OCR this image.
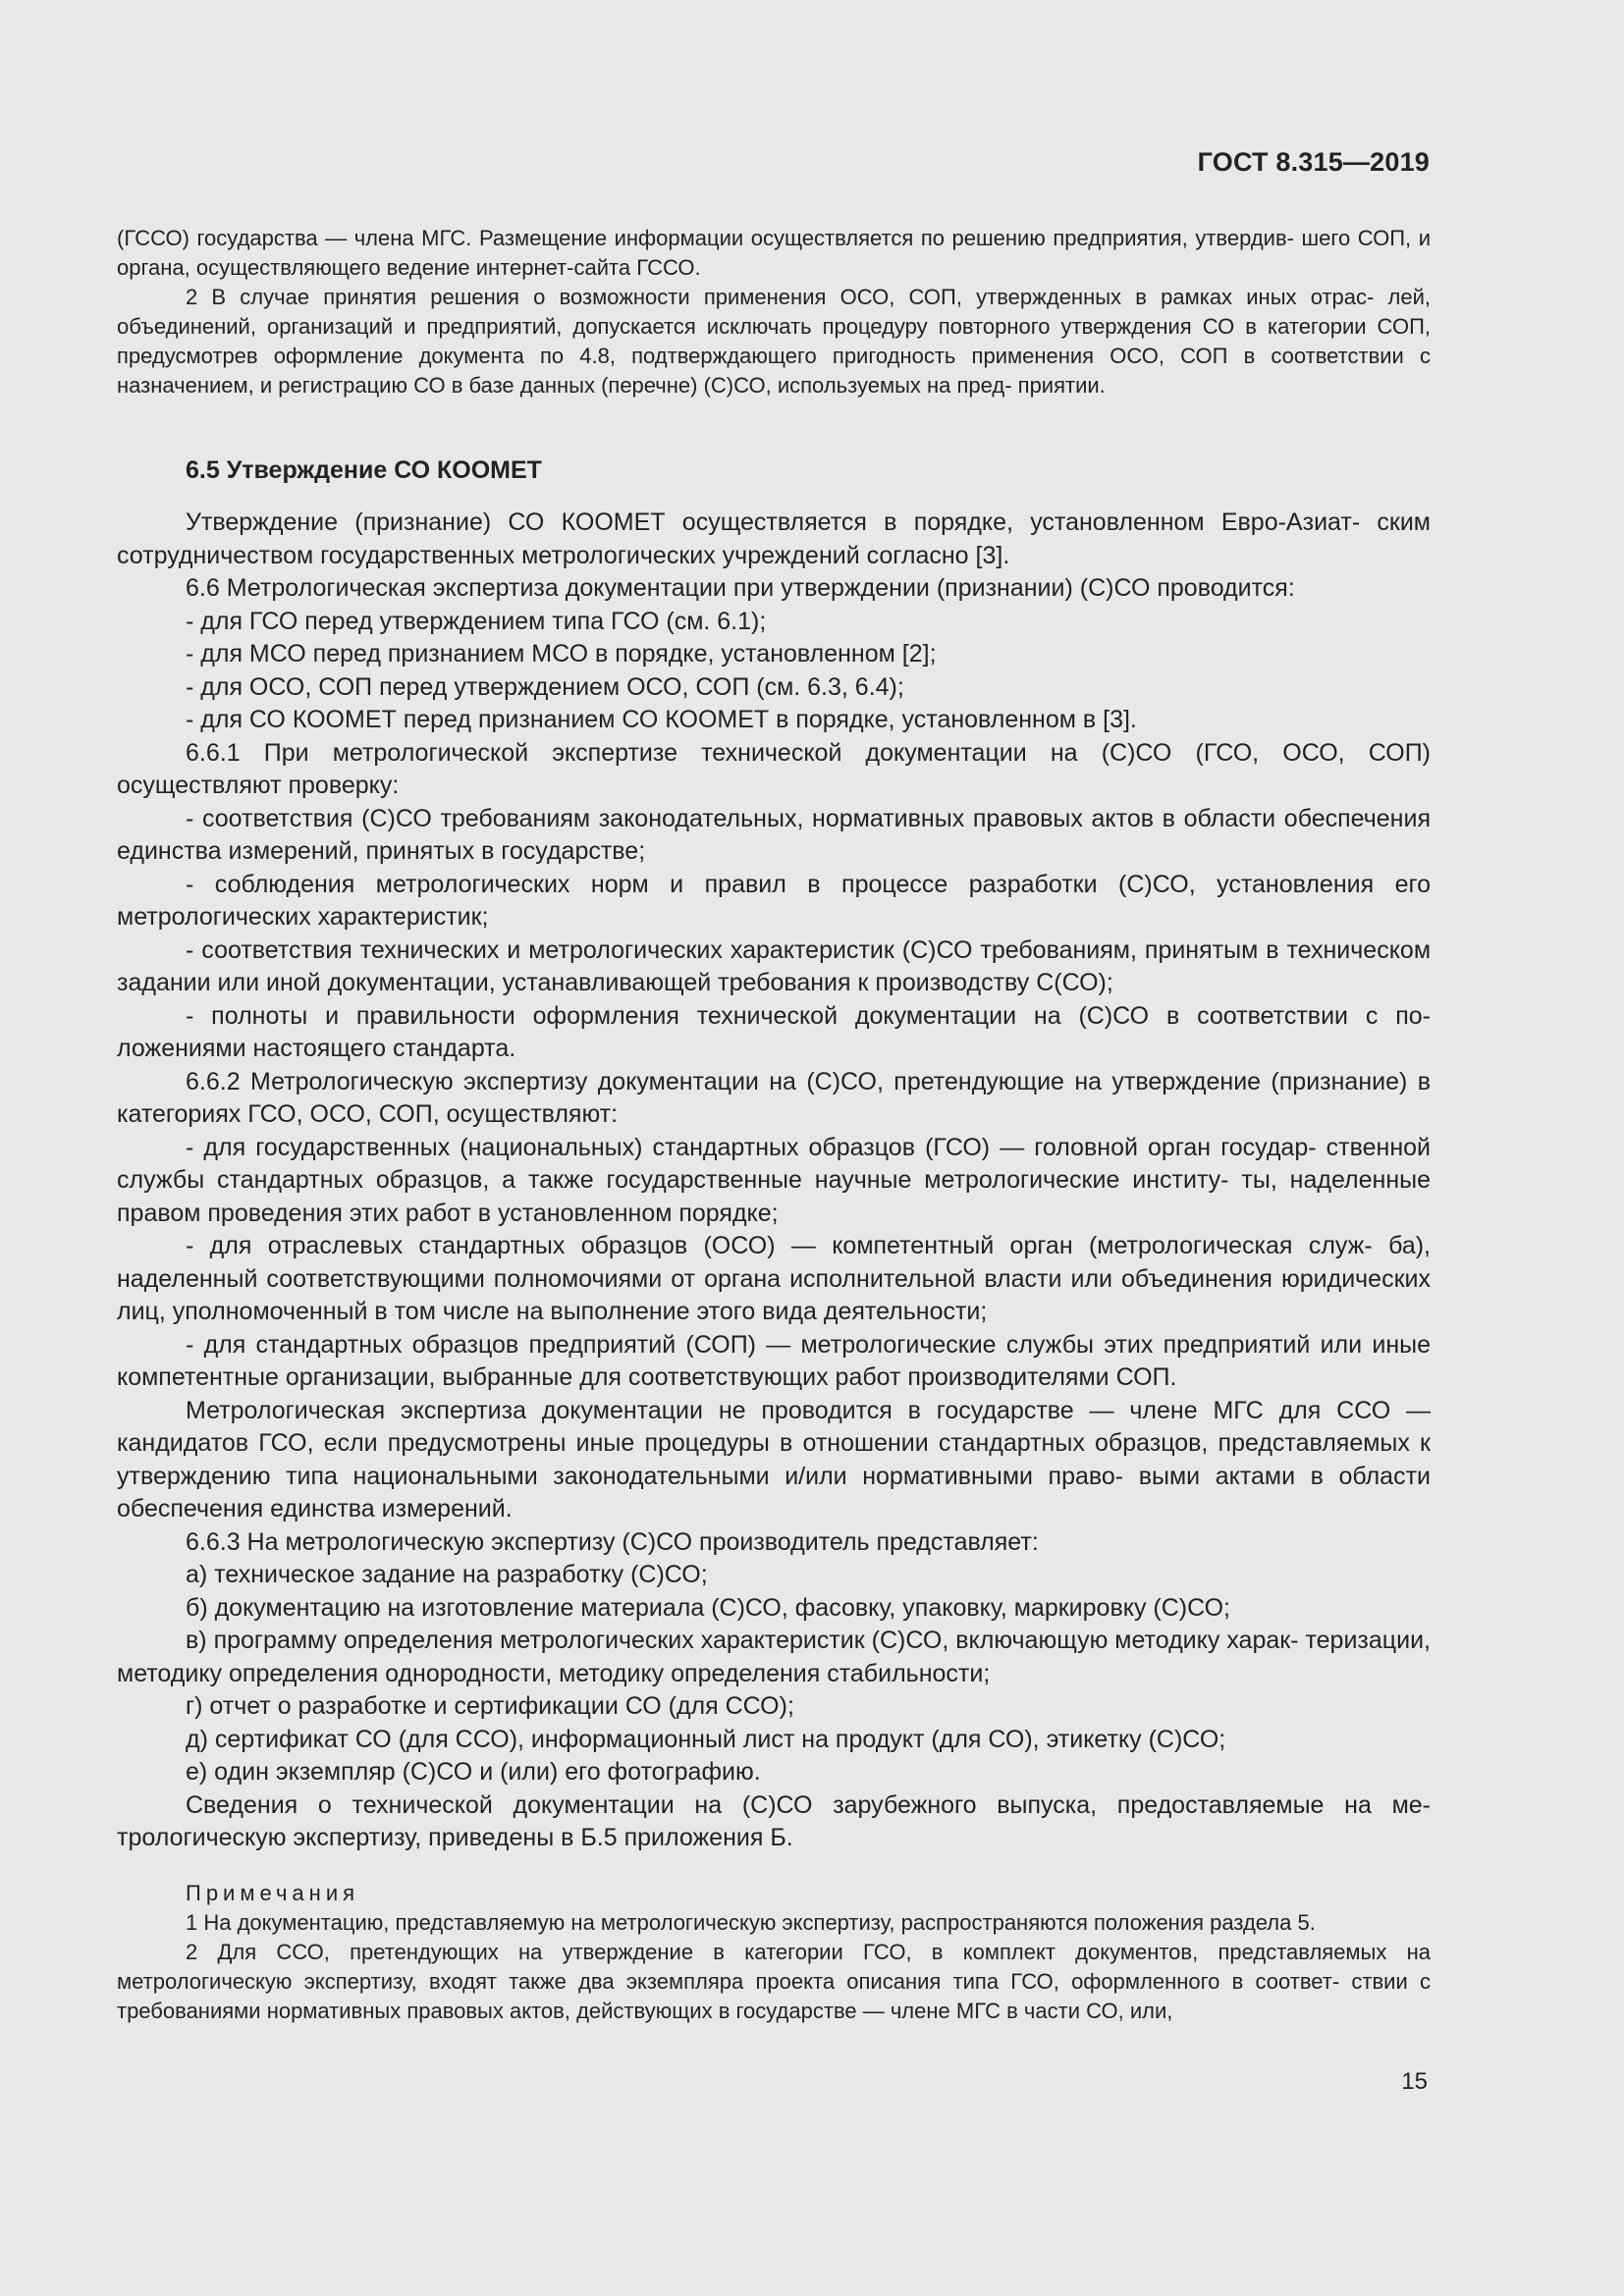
ГОСТ 8.315—2019

(ГССО) государства — члена МГС. Размещение информации осуществляется по решению предприятия, утвердив- шего СОП, и органа, осуществляющего ведение интернет-сайта ГССО.

2 В случае принятия решения о возможности применения ОСО, СОП, утвержденных в рамках иных отрас- лей, объединений, организаций и предприятий, допускается исключать процедуру повторного утверждения СО в категории СОП, предусмотрев оформление документа по 4.8, подтверждающего пригодность применения ОСО, СОП в соответствии с назначением, и регистрацию СО в базе данных (перечне) (С)СО, используемых на пред- приятии.

6.5 Утверждение СО КООМЕТ

Утверждение (признание) СО КООМЕТ осуществляется в порядке, установленном Евро-Азиат- ским сотрудничеством государственных метрологических учреждений согласно [3].

6.6 Метрологическая экспертиза документации при утверждении (признании) (С)СО проводится:

- для ГСО перед утверждением типа ГСО (см. 6.1);

- для МСО перед признанием МСО в порядке, установленном [2];

- для ОСО, СОП перед утверждением ОСО, СОП (см. 6.3, 6.4);

- для СО КООМЕТ перед признанием СО КООМЕТ в порядке, установленном в [3].

6.6.1 При метрологической экспертизе технической документации на (С)СО (ГСО, ОСО, СОП) осуществляют проверку:

- соответствия (С)СО требованиям законодательных, нормативных правовых актов в области обеспечения единства измерений, принятых в государстве;

- соблюдения метрологических норм и правил в процессе разработки (С)СО, установления его метрологических характеристик;

- соответствия технических и метрологических характеристик (С)СО требованиям, принятым в техническом задании или иной документации, устанавливающей требования к производству С(СО);

- полноты и правильности оформления технической документации на (С)СО в соответствии с по- ложениями настоящего стандарта.

6.6.2 Метрологическую экспертизу документации на (С)СО, претендующие на утверждение (признание) в категориях ГСО, ОСО, СОП, осуществляют:

- для государственных (национальных) стандартных образцов (ГСО) — головной орган государ- ственной службы стандартных образцов, а также государственные научные метрологические институ- ты, наделенные правом проведения этих работ в установленном порядке;

- для отраслевых стандартных образцов (ОСО) — компетентный орган (метрологическая служ- ба), наделенный соответствующими полномочиями от органа исполнительной власти или объединения юридических лиц, уполномоченный в том числе на выполнение этого вида деятельности;

- для стандартных образцов предприятий (СОП) — метрологические службы этих предприятий или иные компетентные организации, выбранные для соответствующих работ производителями СОП.

Метрологическая экспертиза документации не проводится в государстве — члене МГС для ССО — кандидатов ГСО, если предусмотрены иные процедуры в отношении стандартных образцов, представляемых к утверждению типа национальными законодательными и/или нормативными право- выми актами в области обеспечения единства измерений.

6.6.3 На метрологическую экспертизу (С)СО производитель представляет:

а) техническое задание на разработку (С)СО;

б) документацию на изготовление материала (С)СО, фасовку, упаковку, маркировку (С)СО;

в) программу определения метрологических характеристик (С)СО, включающую методику харак- теризации, методику определения однородности, методику определения стабильности;

г) отчет о разработке и сертификации СО (для ССО);

д) сертификат СО (для ССО), информационный лист на продукт (для СО), этикетку (С)СО;

е) один экземпляр (С)СО и (или) его фотографию.

Сведения о технической документации на (С)СО зарубежного выпуска, предоставляемые на ме- трологическую экспертизу, приведены в Б.5 приложения Б.

Примечания

1 На документацию, представляемую на метрологическую экспертизу, распространяются положения раздела 5.

2 Для ССО, претендующих на утверждение в категории ГСО, в комплект документов, представляемых на метрологическую экспертизу, входят также два экземпляра проекта описания типа ГСО, оформленного в соответ- ствии с требованиями нормативных правовых актов, действующих в государстве — члене МГС в части СО, или,

15
